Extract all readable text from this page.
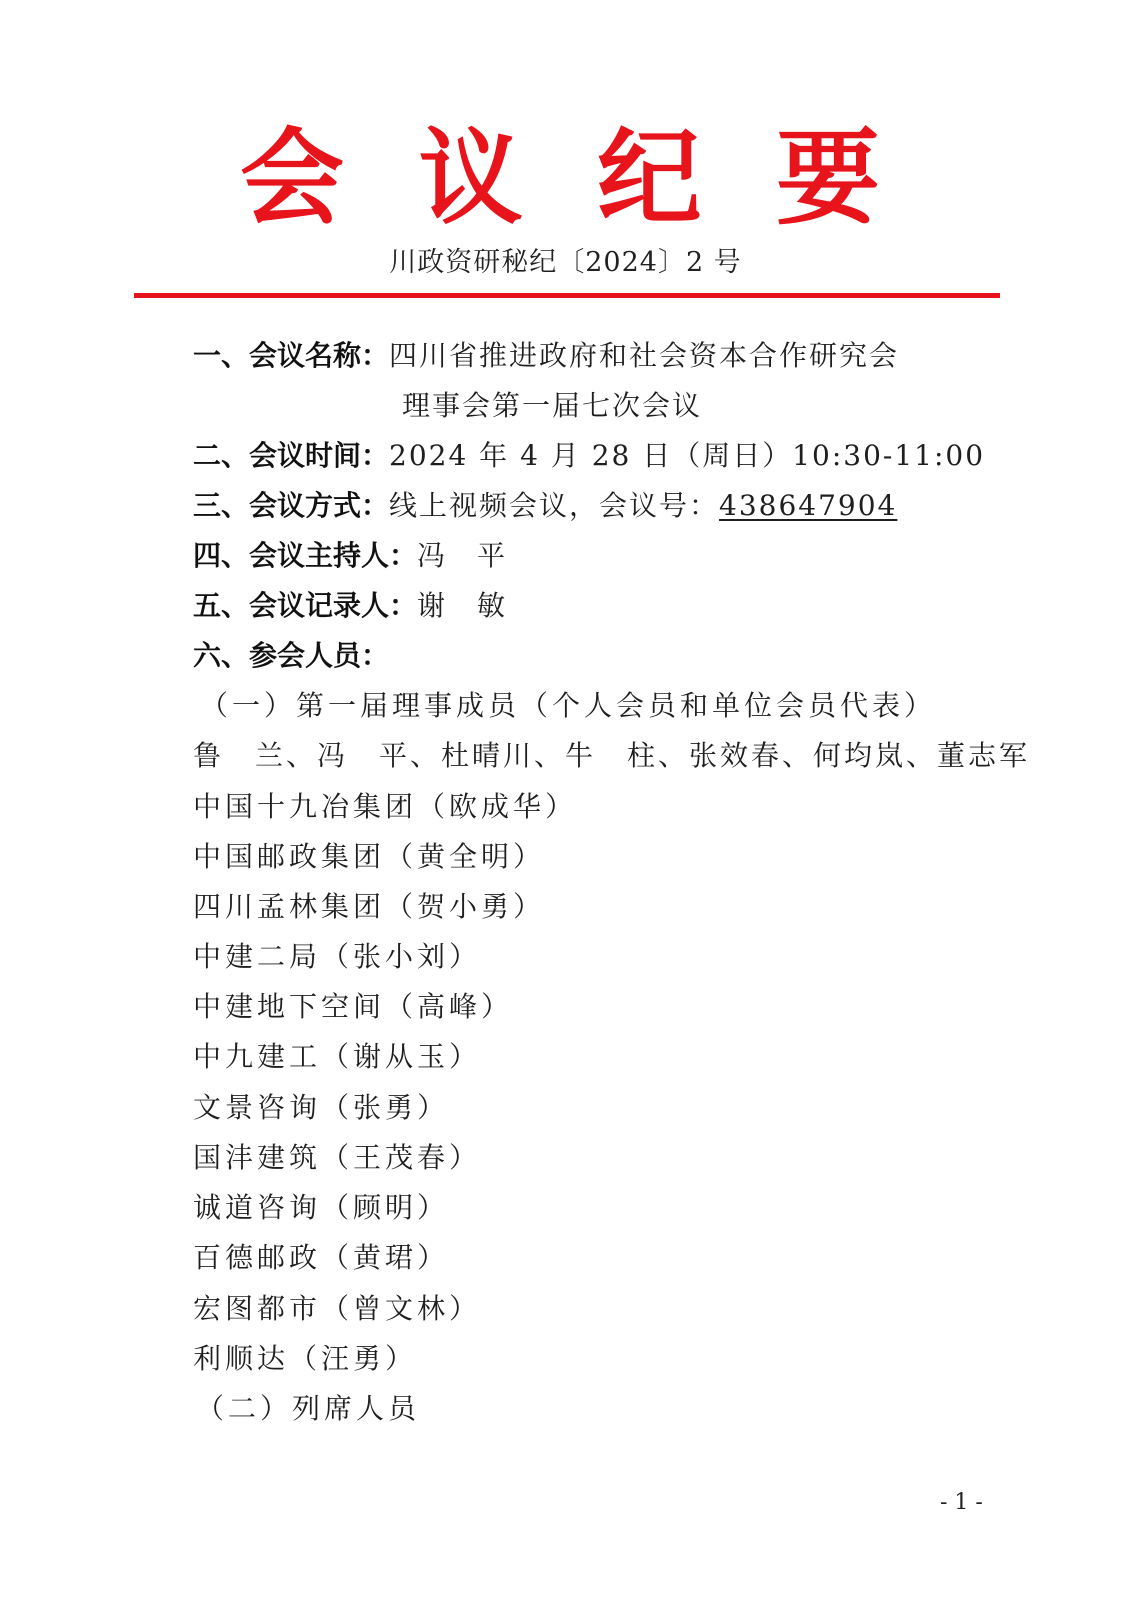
会 议 纪 要
川政资研秘纪〔2024〕2 号
一、会议名称：四川省推进政府和社会资本合作研究会
理事会第一届七次会议
二、会议时间：2024 年 4 月 28 日（周日）10:30-11:00
三、会议方式：线上视频会议，会议号：438647904
四、会议主持人：冯　平
五、会议记录人：谢　敏
六、参会人员：
（一）第一届理事成员（个人会员和单位会员代表）
鲁　兰、冯　平、杜晴川、牛　柱、张效春、何均岚、董志军
中国十九冶集团（欧成华）
中国邮政集团（黄全明）
四川孟林集团（贺小勇）
中建二局（张小刘）
中建地下空间（高峰）
中九建工（谢从玉）
文景咨询（张勇）
国沣建筑（王茂春）
诚道咨询（顾明）
百德邮政（黄珺）
宏图都市（曾文林）
利顺达（汪勇）
（二）列席人员
- 1 -
